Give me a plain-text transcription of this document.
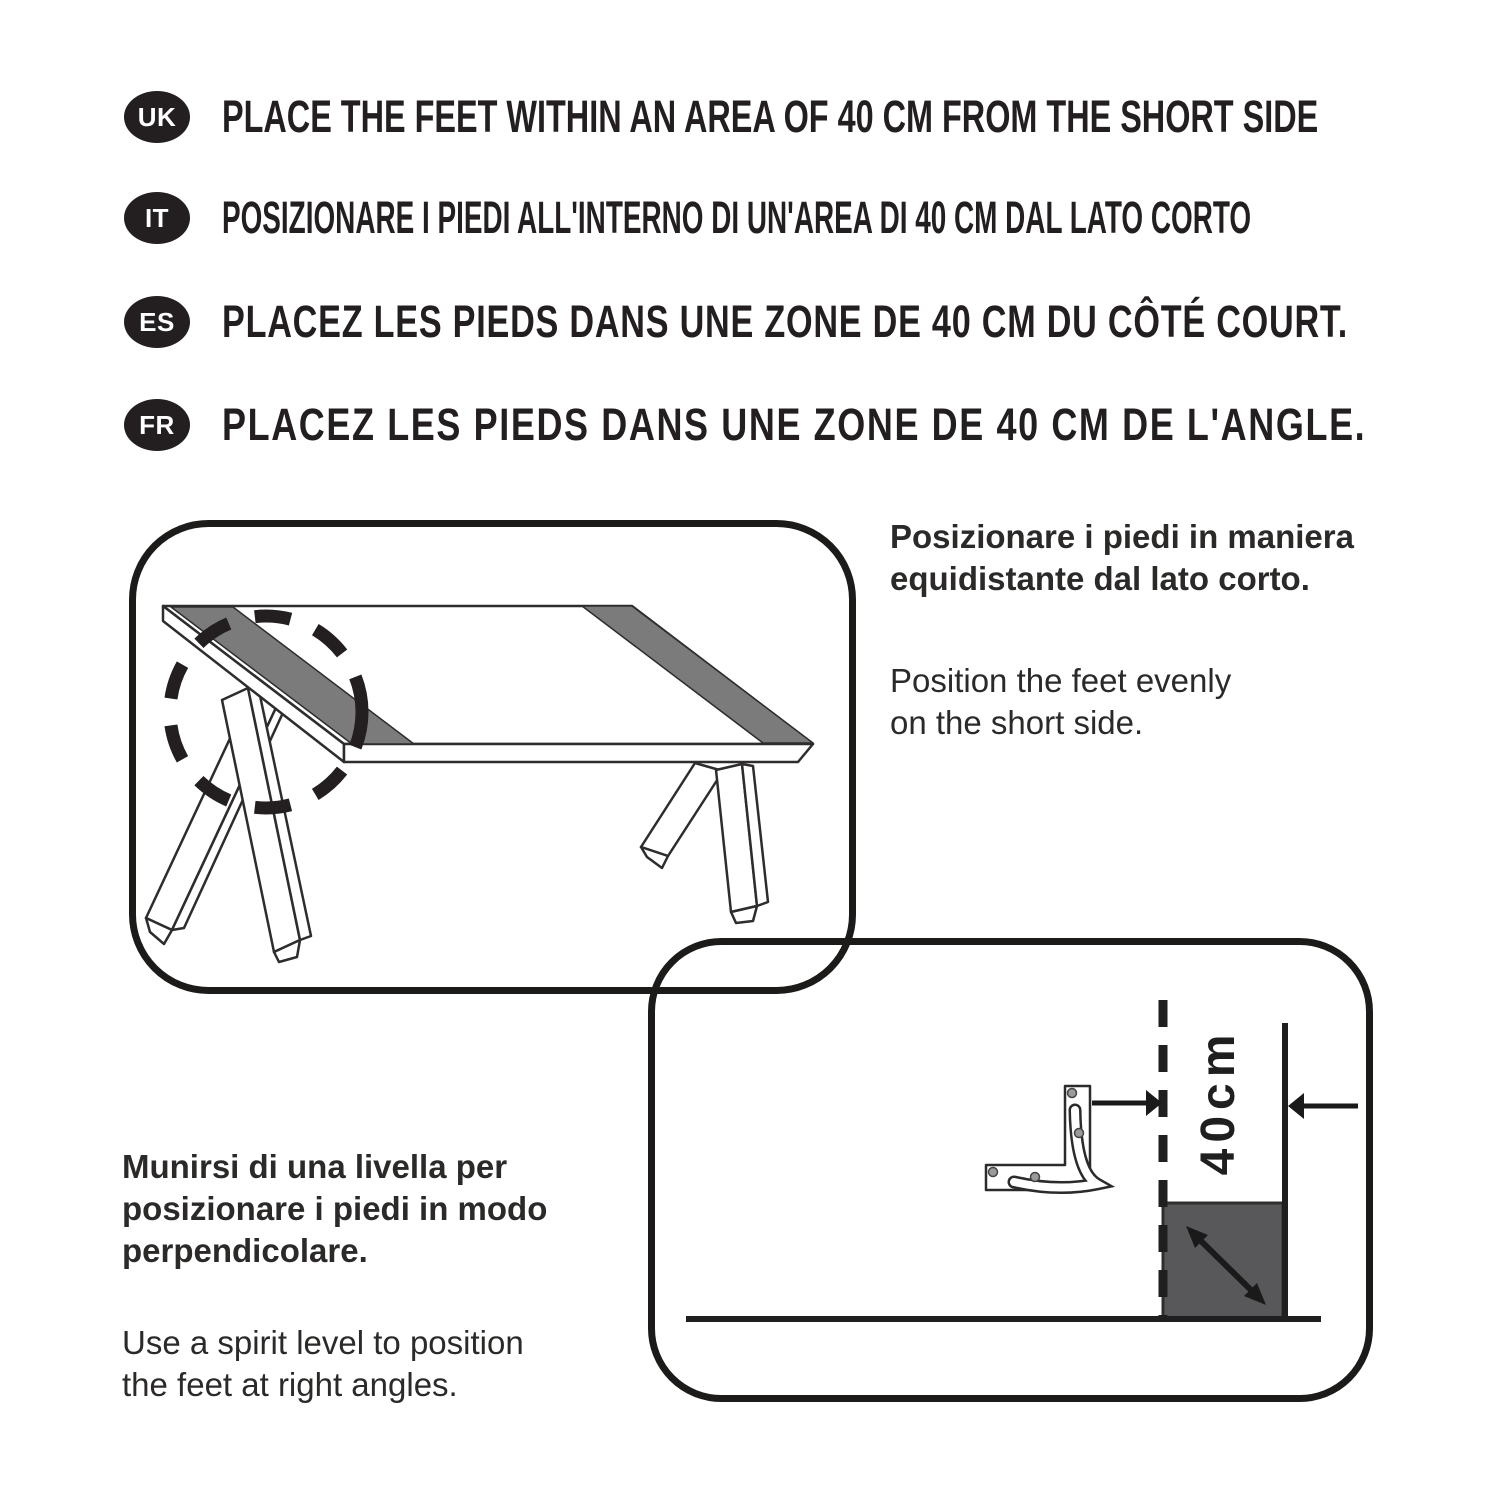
UK	PLACE THE FEET WITHIN AN AREA OF 40 CM FROM THE SHORT SIDE
IT	POSIZIONARE I PIEDI ALL'INTERNO DI UN'AREA DI 40 CM DAL LATO CORTO
ES	PLACEZ LES PIEDS DANS UNE ZONE DE 40 CM DU CÔTÉ COURT.
FR	PLACEZ LES PIEDS DANS UNE ZONE DE 40 CM DE L'ANGLE.
Posizionare i piedi in maniera
equidistante dal lato corto.
Position the feet evenly
on the short side.
Munirsi di una livella per
posizionare i piedi in modo
perpendicolare.
Use a spirit level to position
the feet at right angles.
40cm
